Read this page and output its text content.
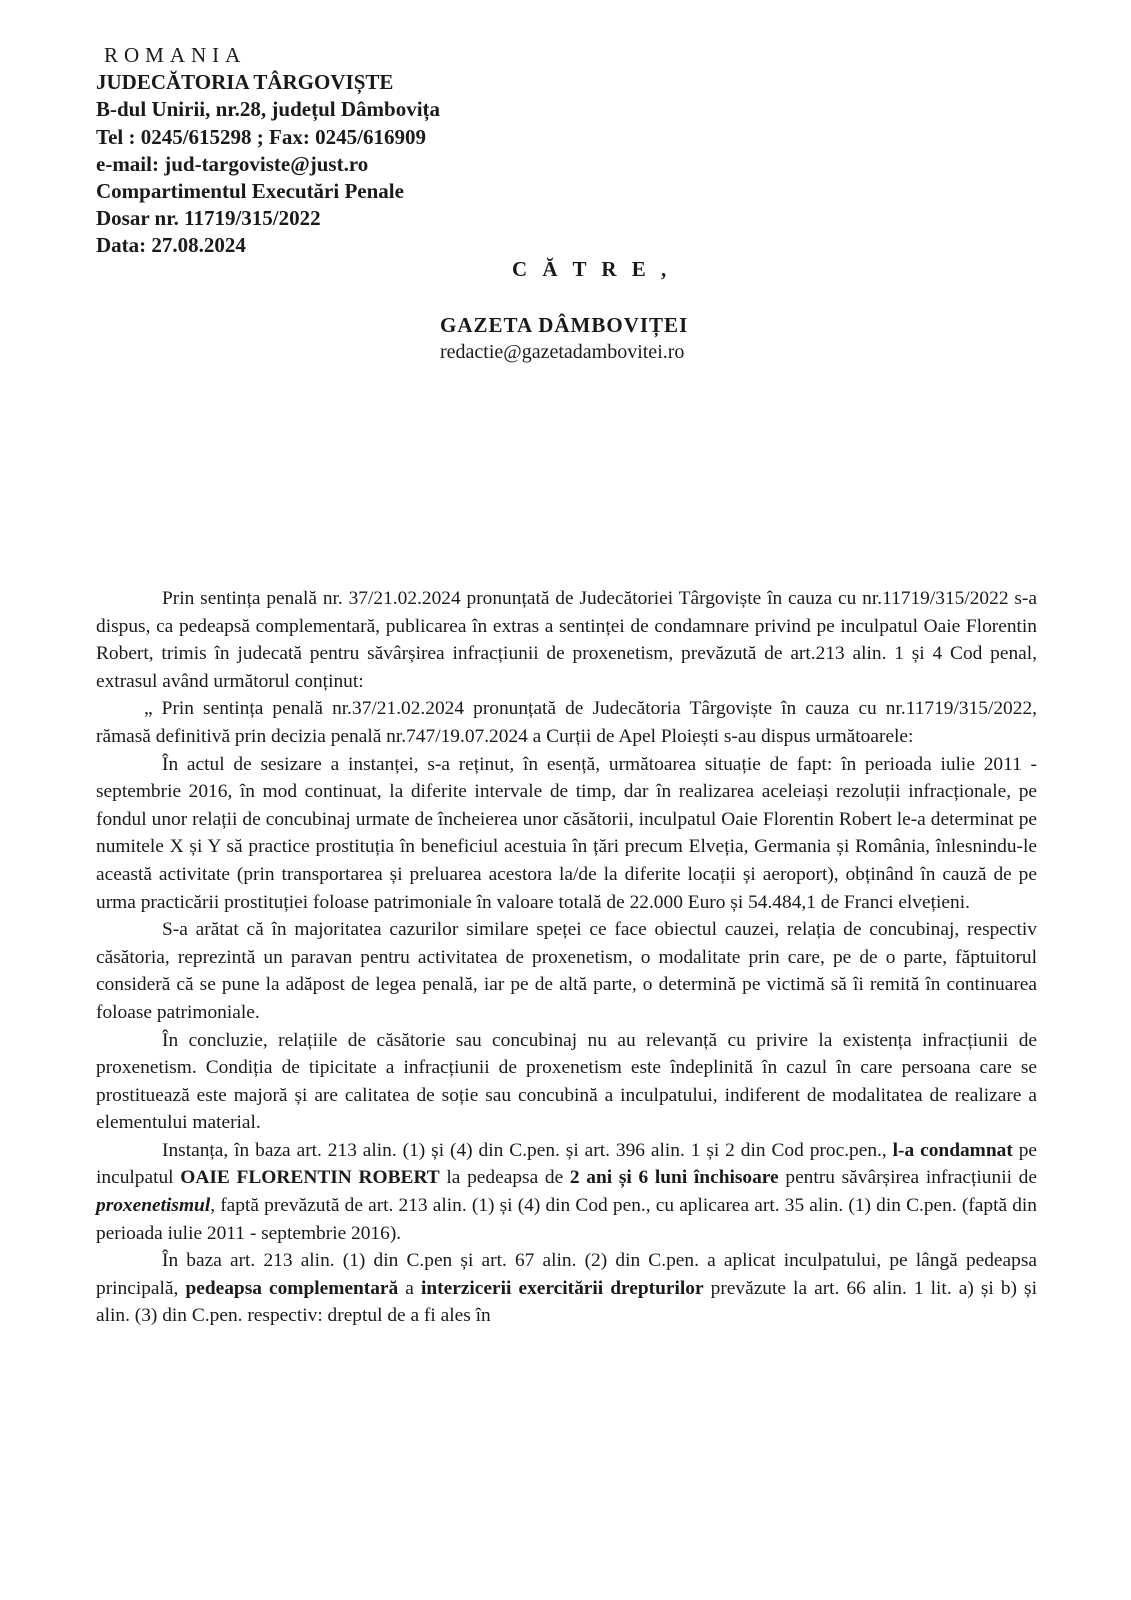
ROMANIA
JUDECĂTORIA TÂRGOVIȘTE
B-dul Unirii, nr.28, județul Dâmbovița
Tel : 0245/615298 ; Fax: 0245/616909
e-mail: jud-targoviste@just.ro
Compartimentul Executări Penale
Dosar nr. 11719/315/2022
Data: 27.08.2024
C Ă T R E ,
GAZETA DÂMBOVIȚEI
redactie@gazetadambovitei.ro

Prin sentința penală nr. 37/21.02.2024 pronunțată de Judecătoriei Târgoviște în cauza cu nr.11719/315/2022 s-a dispus, ca pedeapsă complementară, publicarea în extras a sentinței de condamnare privind pe inculpatul Oaie Florentin Robert, trimis în judecată pentru săvârșirea infracțiunii de proxenetism, prevăzută de art.213 alin. 1 și 4 Cod penal, extrasul având următorul conținut:

„ Prin sentința penală nr.37/21.02.2024 pronunțată de Judecătoria Târgoviște în cauza cu nr.11719/315/2022, rămasă definitivă prin decizia penală nr.747/19.07.2024 a Curții de Apel Ploiești s-au dispus următoarele:

În actul de sesizare a instanței, s-a reținut, în esență, următoarea situație de fapt: în perioada iulie 2011 - septembrie 2016, în mod continuat, la diferite intervale de timp, dar în realizarea aceleiași rezoluții infracționale, pe fondul unor relații de concubinaj urmate de încheierea unor căsătorii, inculpatul Oaie Florentin Robert le-a determinat pe numitele X și Y să practice prostituția în beneficiul acestuia în țări precum Elveția, Germania și România, înlesnindu-le această activitate (prin transportarea și preluarea acestora la/de la diferite locații și aeroport), obținând în cauză de pe urma practicării prostituției foloase patrimoniale în valoare totală de 22.000 Euro și 54.484,1 de Franci elvețieni.

S-a arătat că în majoritatea cazurilor similare speței ce face obiectul cauzei, relația de concubinaj, respectiv căsătoria, reprezintă un paravan pentru activitatea de proxenetism, o modalitate prin care, pe de o parte, făptuitorul consideră că se pune la adăpost de legea penală, iar pe de altă parte, o determină pe victimă să îi remită în continuarea foloase patrimoniale.

În concluzie, relațiile de căsătorie sau concubinaj nu au relevanță cu privire la existența infracțiunii de proxenetism. Condiția de tipicitate a infracțiunii de proxenetism este îndeplinită în cazul în care persoana care se prostituează este majoră și are calitatea de soție sau concubină a inculpatului, indiferent de modalitatea de realizare a elementului material.

Instanța, în baza art. 213 alin. (1) și (4) din C.pen. și art. 396 alin. 1 și 2 din Cod proc.pen., l-a condamnat pe inculpatul OAIE FLORENTIN ROBERT la pedeapsa de 2 ani și 6 luni închisoare pentru săvârșirea infracțiunii de proxenetismul, faptă prevăzută de art. 213 alin. (1) și (4) din Cod pen., cu aplicarea art. 35 alin. (1) din C.pen. (faptă din perioada iulie 2011 - septembrie 2016).

În baza art. 213 alin. (1) din C.pen și art. 67 alin. (2) din C.pen. a aplicat inculpatului, pe lângă pedeapsa principală, pedeapsa complementară a interzicerii exercitării drepturilor prevăzute la art. 66 alin. 1 lit. a) și b) și alin. (3) din C.pen. respectiv: dreptul de a fi ales în
